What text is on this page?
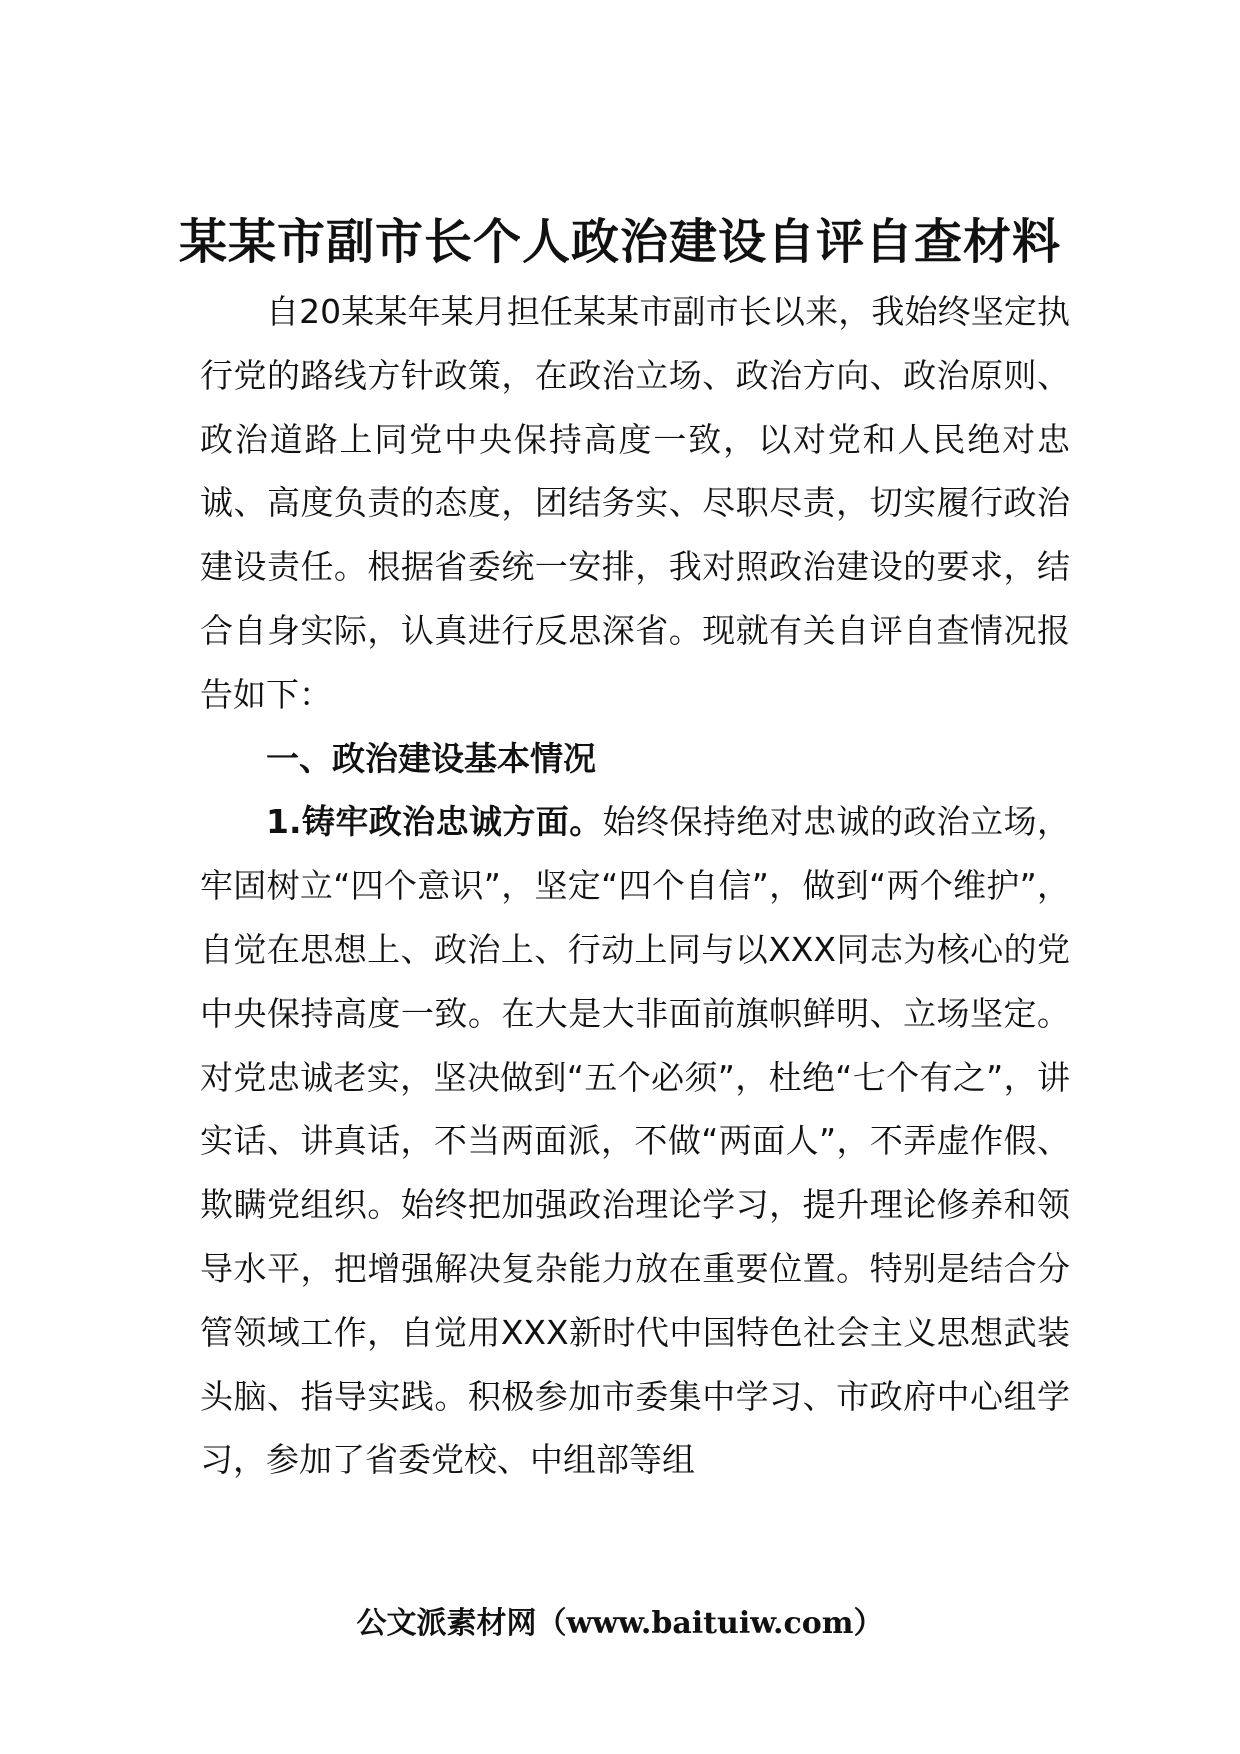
某某市副市长个人政治建设自评自查材料

自20某某年某月担任某某市副市长以来，我始终坚定执行党的路线方针政策，在政治立场、政治方向、政治原则、政治道路上同党中央保持高度一致，以对党和人民绝对忠诚、高度负责的态度，团结务实、尽职尽责，切实履行政治建设责任。根据省委统一安排，我对照政治建设的要求，结合自身实际，认真进行反思深省。现就有关自评自查情况报告如下：

一、政治建设基本情况

1.铸牢政治忠诚方面。始终保持绝对忠诚的政治立场，牢固树立“四个意识”，坚定“四个自信”，做到“两个维护”，自觉在思想上、政治上、行动上同与以XXX同志为核心的党中央保持高度一致。在大是大非面前旗帜鲜明、立场坚定。对党忠诚老实，坚决做到“五个必须”，杜绝“七个有之”，讲实话、讲真话，不当两面派，不做“两面人”，不弄虚作假、欺瞒党组织。始终把加强政治理论学习，提升理论修养和领导水平，把增强解决复杂能力放在重要位置。特别是结合分管领域工作，自觉用XXX新时代中国特色社会主义思想武装头脑、指导实践。积极参加市委集中学习、市政府中心组学习，参加了省委党校、中组部等组

公文派素材网（www.baituiw.com）
